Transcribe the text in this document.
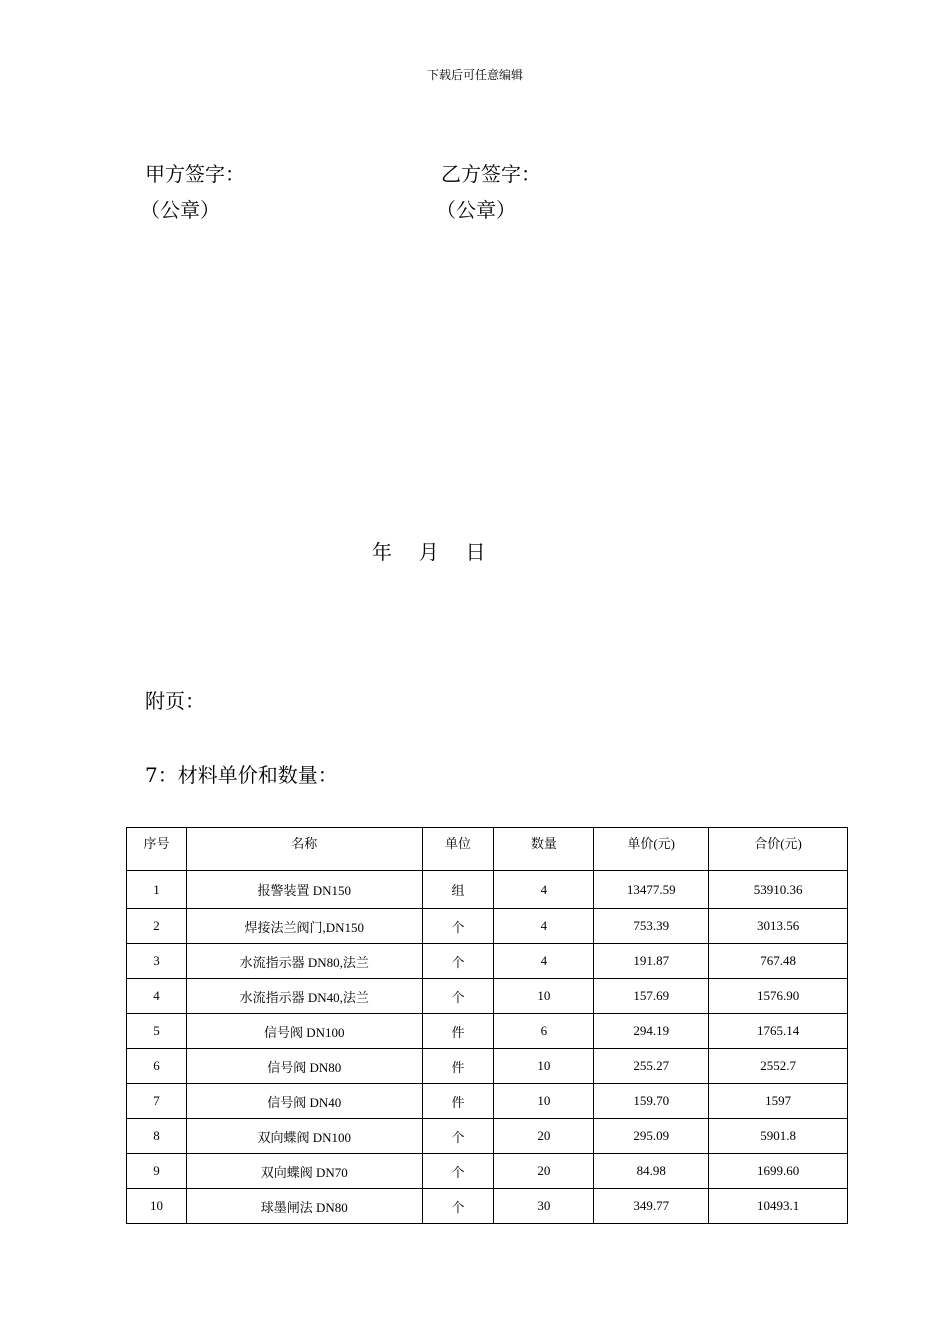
下载后可任意编辑
甲方签字：
（公章）
乙方签字：
（公章）
年 月 日
附页：
7：材料单价和数量：
序号	名称	单位	数量	单价(元)	合价(元)
1	报警装置 DN150	组	4	13477.59	53910.36
2	焊接法兰阀门,DN150	个	4	753.39	3013.56
3	水流指示器 DN80,法兰	个	4	191.87	767.48
4	水流指示器 DN40,法兰	个	10	157.69	1576.90
5	信号阀 DN100	件	6	294.19	1765.14
6	信号阀 DN80	件	10	255.27	2552.7
7	信号阀 DN40	件	10	159.70	1597
8	双向蝶阀 DN100	个	20	295.09	5901.8
9	双向蝶阀 DN70	个	20	84.98	1699.60
10	球墨闸法 DN80	个	30	349.77	10493.1
